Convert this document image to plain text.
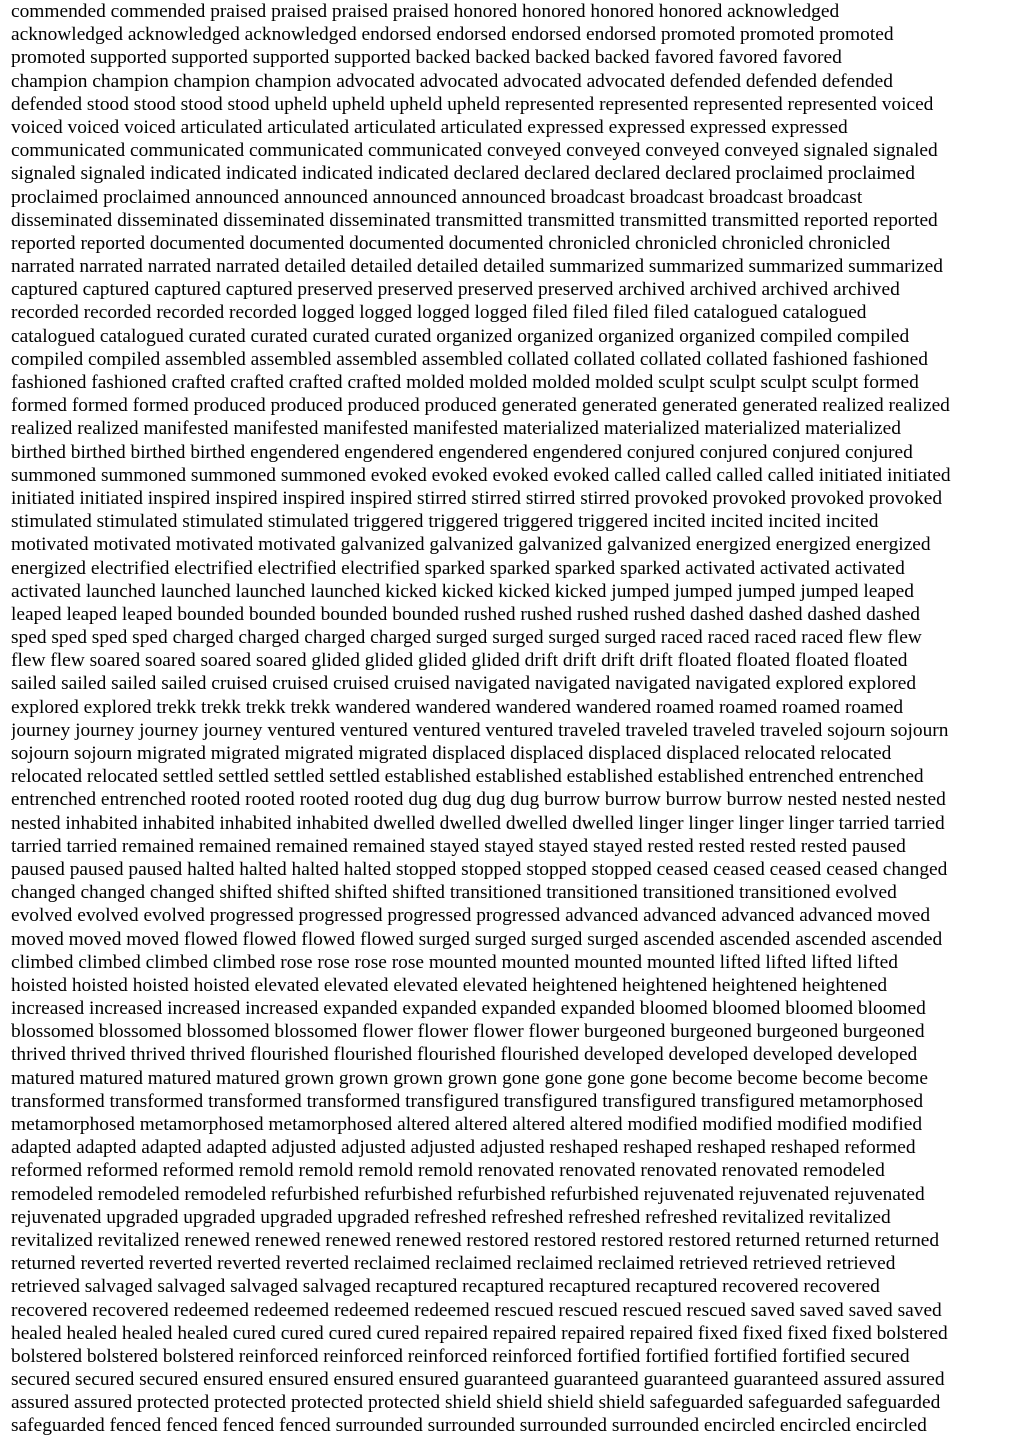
commended commended praised praised praised praised honored honored honored honored acknowledged
acknowledged acknowledged acknowledged endorsed endorsed endorsed endorsed promoted promoted promoted
promoted supported supported supported supported backed backed backed backed favored favored favored
champion champion champion champion advocated advocated advocated advocated defended defended defended
defended stood stood stood stood upheld upheld upheld upheld represented represented represented represented voiced
voiced voiced voiced articulated articulated articulated articulated expressed expressed expressed expressed
communicated communicated communicated communicated conveyed conveyed conveyed conveyed signaled signaled
signaled signaled indicated indicated indicated indicated declared declared declared declared proclaimed proclaimed
proclaimed proclaimed announced announced announced announced broadcast broadcast broadcast broadcast
disseminated disseminated disseminated disseminated transmitted transmitted transmitted transmitted reported reported
reported reported documented documented documented documented chronicled chronicled chronicled chronicled
narrated narrated narrated narrated detailed detailed detailed detailed summarized summarized summarized summarized
captured captured captured captured preserved preserved preserved preserved archived archived archived archived
recorded recorded recorded recorded logged logged logged logged filed filed filed filed catalogued catalogued
catalogued catalogued curated curated curated curated organized organized organized organized compiled compiled
compiled compiled assembled assembled assembled assembled collated collated collated collated fashioned fashioned
fashioned fashioned crafted crafted crafted crafted molded molded molded molded sculpt sculpt sculpt sculpt formed
formed formed formed produced produced produced produced generated generated generated generated realized realized
realized realized manifested manifested manifested manifested materialized materialized materialized materialized
birthed birthed birthed birthed engendered engendered engendered engendered conjured conjured conjured conjured
summoned summoned summoned summoned evoked evoked evoked evoked called called called called initiated initiated
initiated initiated inspired inspired inspired inspired stirred stirred stirred stirred provoked provoked provoked provoked
stimulated stimulated stimulated stimulated triggered triggered triggered triggered incited incited incited incited
motivated motivated motivated motivated galvanized galvanized galvanized galvanized energized energized energized
energized electrified electrified electrified electrified sparked sparked sparked sparked activated activated activated
activated launched launched launched launched kicked kicked kicked kicked jumped jumped jumped jumped leaped
leaped leaped leaped bounded bounded bounded bounded rushed rushed rushed rushed dashed dashed dashed dashed
sped sped sped sped charged charged charged charged surged surged surged surged raced raced raced raced flew flew
flew flew soared soared soared soared glided glided glided glided drift drift drift drift floated floated floated floated
sailed sailed sailed sailed cruised cruised cruised cruised navigated navigated navigated navigated explored explored
explored explored trekk trekk trekk trekk wandered wandered wandered wandered roamed roamed roamed roamed
journey journey journey journey ventured ventured ventured ventured traveled traveled traveled traveled sojourn sojourn
sojourn sojourn migrated migrated migrated migrated displaced displaced displaced displaced relocated relocated
relocated relocated settled settled settled settled established established established established entrenched entrenched
entrenched entrenched rooted rooted rooted rooted dug dug dug dug burrow burrow burrow burrow nested nested nested
nested inhabited inhabited inhabited inhabited dwelled dwelled dwelled dwelled linger linger linger linger tarried tarried
tarried tarried remained remained remained remained stayed stayed stayed stayed rested rested rested rested paused
paused paused paused halted halted halted halted stopped stopped stopped stopped ceased ceased ceased ceased changed
changed changed changed shifted shifted shifted shifted transitioned transitioned transitioned transitioned evolved
evolved evolved evolved progressed progressed progressed progressed advanced advanced advanced advanced moved
moved moved moved flowed flowed flowed flowed surged surged surged surged ascended ascended ascended ascended
climbed climbed climbed climbed rose rose rose rose mounted mounted mounted mounted lifted lifted lifted lifted
hoisted hoisted hoisted hoisted elevated elevated elevated elevated heightened heightened heightened heightened
increased increased increased increased expanded expanded expanded expanded bloomed bloomed bloomed bloomed
blossomed blossomed blossomed blossomed flower flower flower flower burgeoned burgeoned burgeoned burgeoned
thrived thrived thrived thrived flourished flourished flourished flourished developed developed developed developed
matured matured matured matured grown grown grown grown gone gone gone gone become become become become
transformed transformed transformed transformed transfigured transfigured transfigured transfigured metamorphosed
metamorphosed metamorphosed metamorphosed altered altered altered altered modified modified modified modified
adapted adapted adapted adapted adjusted adjusted adjusted adjusted reshaped reshaped reshaped reshaped reformed
reformed reformed reformed remold remold remold remold renovated renovated renovated renovated remodeled
remodeled remodeled remodeled refurbished refurbished refurbished refurbished rejuvenated rejuvenated rejuvenated
rejuvenated upgraded upgraded upgraded upgraded refreshed refreshed refreshed refreshed revitalized revitalized
revitalized revitalized renewed renewed renewed renewed restored restored restored restored returned returned returned
returned reverted reverted reverted reverted reclaimed reclaimed reclaimed reclaimed retrieved retrieved retrieved
retrieved salvaged salvaged salvaged salvaged recaptured recaptured recaptured recaptured recovered recovered
recovered recovered redeemed redeemed redeemed redeemed rescued rescued rescued rescued saved saved saved saved
healed healed healed healed cured cured cured cured repaired repaired repaired repaired fixed fixed fixed fixed bolstered
bolstered bolstered bolstered reinforced reinforced reinforced reinforced fortified fortified fortified fortified secured
secured secured secured ensured ensured ensured ensured guaranteed guaranteed guaranteed guaranteed assured assured
assured assured protected protected protected protected shield shield shield shield safeguarded safeguarded safeguarded
safeguarded fenced fenced fenced fenced surrounded surrounded surrounded surrounded encircled encircled encircled
